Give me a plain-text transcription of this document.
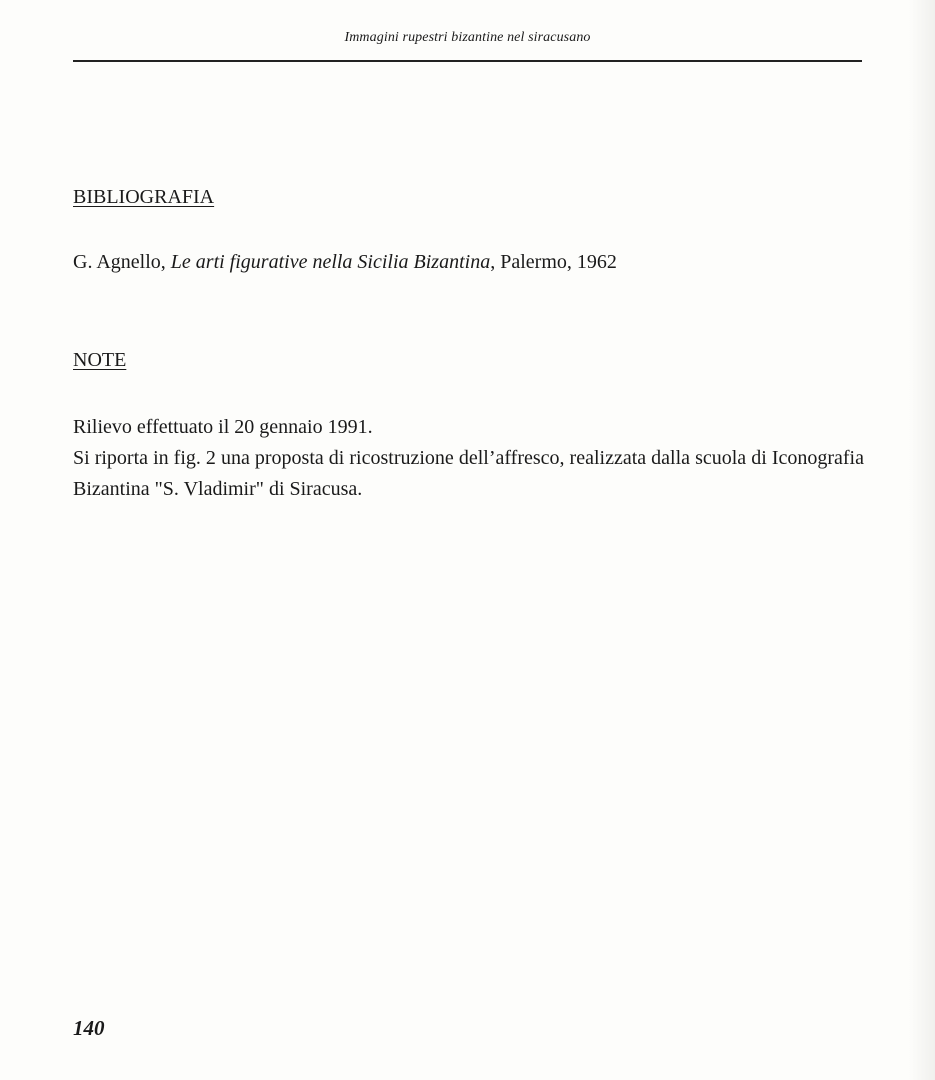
Immagini rupestri bizantine nel siracusano
BIBLIOGRAFIA
G. Agnello, Le arti figurative nella Sicilia Bizantina, Palermo, 1962
NOTE
Rilievo effettuato il 20 gennaio 1991.
Si riporta in fig. 2 una proposta di ricostruzione dell’affresco, realizzata dalla scuola di Iconografia Bizantina "S. Vladimir" di Siracusa.
140
